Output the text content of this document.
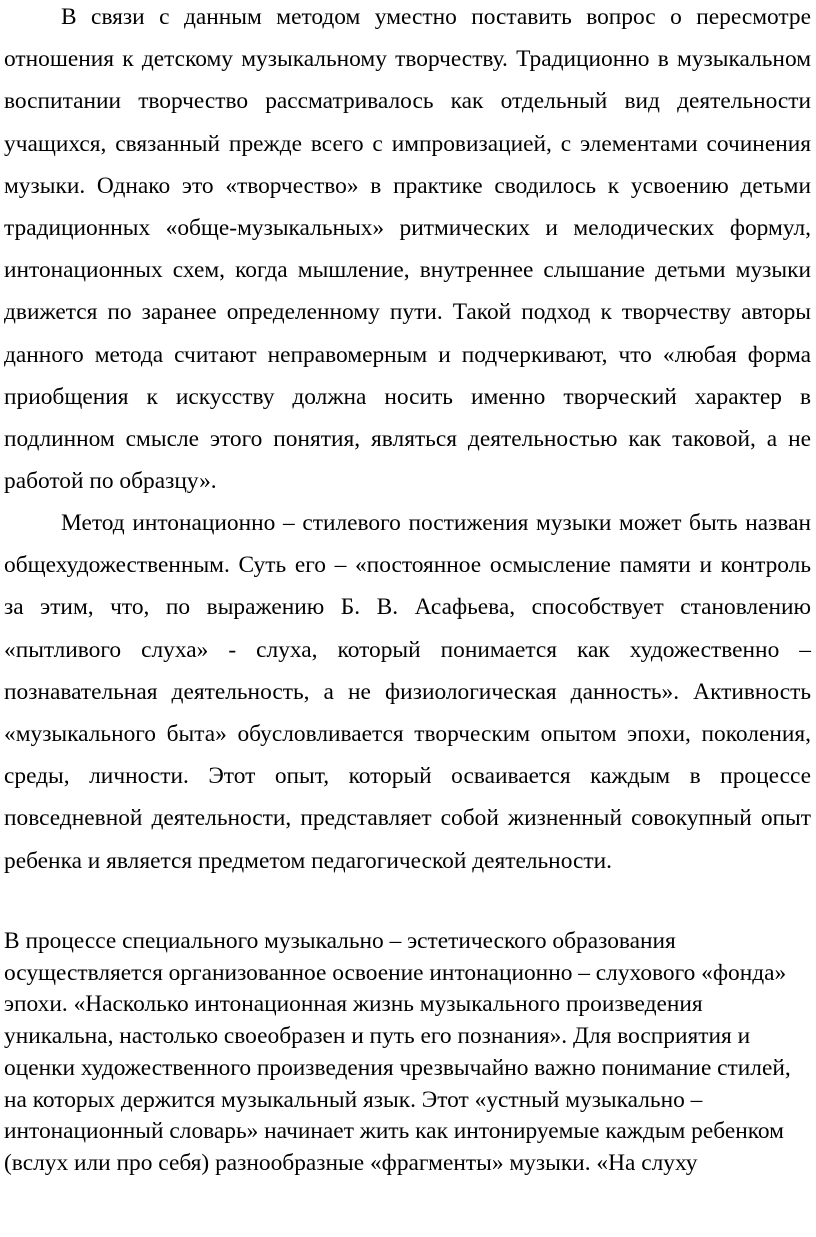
В связи с данным методом уместно поставить вопрос о пересмотре отношения к детскому музыкальному творчеству. Традиционно в музыкальном воспитании творчество рассматривалось как отдельный вид деятельности учащихся, связанный прежде всего с импровизацией, с элементами сочинения музыки. Однако это «творчество» в практике сводилось к усвоению детьми традиционных «обще-музыкальных» ритмических и мелодических формул, интонационных схем, когда мышление, внутреннее слышание детьми музыки движется по заранее определенному пути. Такой подход к творчеству авторы данного метода считают неправомерным и подчеркивают, что «любая форма приобщения к искусству должна носить именно творческий характер в подлинном смысле этого понятия, являться деятельностью как таковой, а не работой по образцу».

Метод интонационно – стилевого постижения музыки может быть назван общехудожественным. Суть его – «постоянное осмысление памяти и контроль за этим, что, по выражению Б. В. Асафьева, способствует становлению «пытливого слуха» - слуха, который понимается как художественно – познавательная деятельность, а не физиологическая данность». Активность «музыкального быта» обусловливается творческим опытом эпохи, поколения, среды, личности. Этот опыт, который осваивается каждым в процессе повседневной деятельности, представляет собой жизненный совокупный опыт ребенка и является предметом педагогической деятельности.

В процессе специального музыкально – эстетического образования осуществляется организованное освоение интонационно – слухового «фонда» эпохи. «Насколько интонационная жизнь музыкального произведения уникальна, настолько своеобразен и путь его познания». Для восприятия и оценки художественного произведения чрезвычайно важно понимание стилей, на которых держится музыкальный язык. Этот «устный музыкально – интонационный словарь» начинает жить как интонируемые каждым ребенком (вслух или про себя) разнообразные «фрагменты» музыки. «На слуху
